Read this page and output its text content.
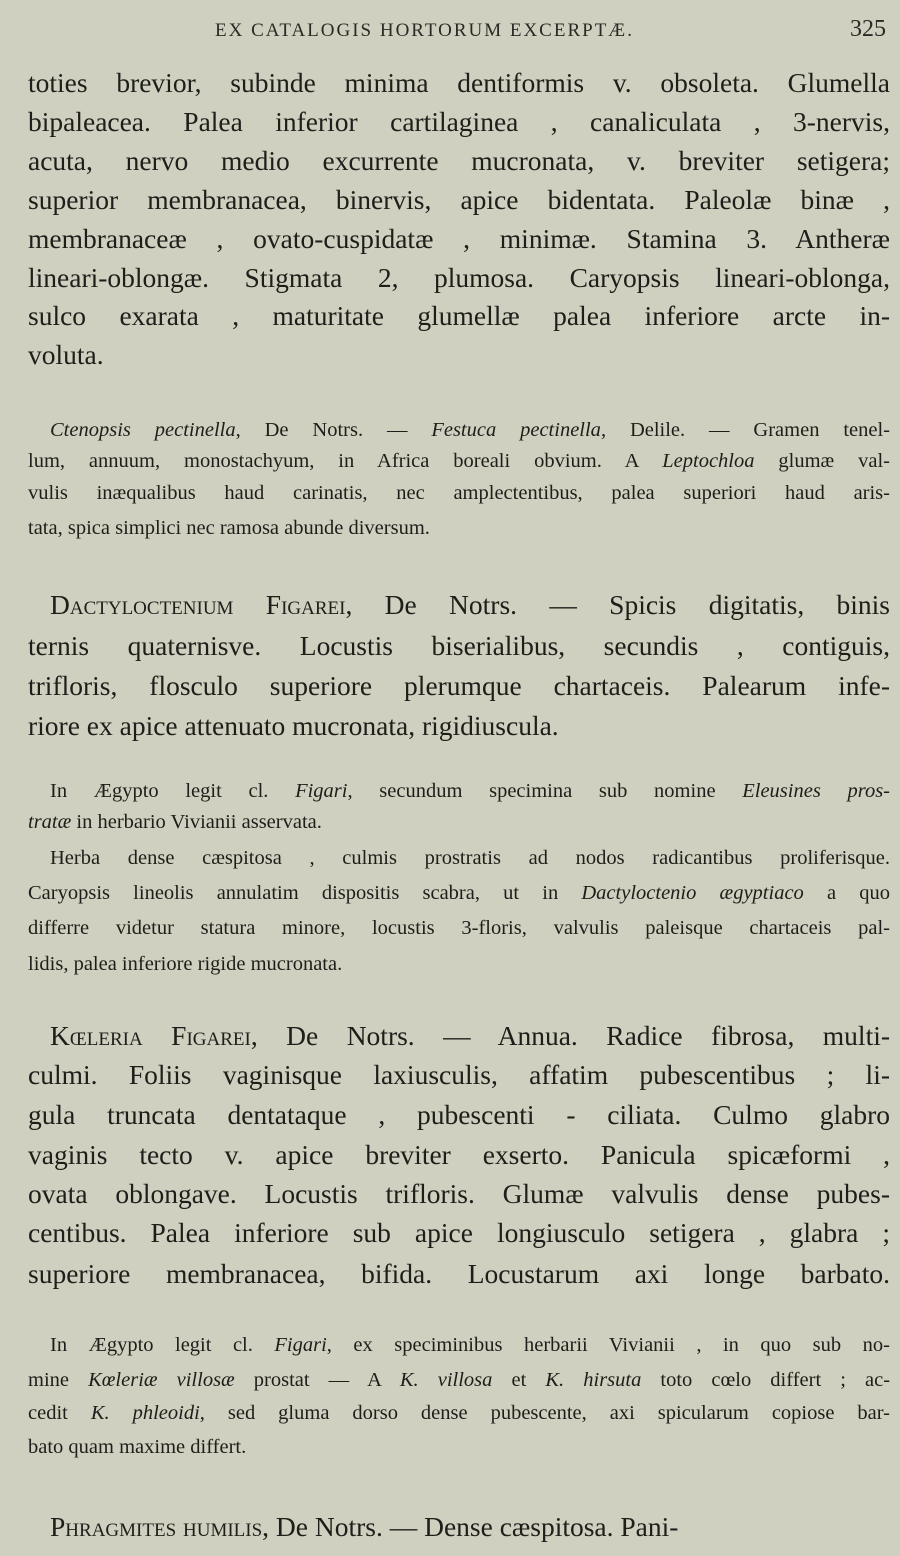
EX CATALOGIS HORTORUM EXCERPTÆ.	325
toties brevior, subinde minima dentiformis v. obsoleta. Glumella
bipaleacea. Palea inferior cartilaginea , canaliculata , 3-nervis,
acuta, nervo medio excurrente mucronata, v. breviter setigera;
superior membranacea, binervis, apice bidentata. Paleolæ binæ ,
membranaceæ , ovato-cuspidatæ , minimæ. Stamina 3. Antheræ
lineari-oblongæ. Stigmata 2, plumosa. Caryopsis lineari-oblonga,
sulco exarata , maturitate glumellæ palea inferiore arcte in-
voluta.
Ctenopsis pectinella, De Notrs. — Festuca pectinella, Delile. — Gramen tenel-
lum, annuum, monostachyum, in Africa boreali obvium. A Leptochloa glumæ val-
vulis inæqualibus haud carinatis, nec amplectentibus, palea superiori haud aris-
tata, spica simplici nec ramosa abunde diversum.
Dactyloctenium Figarei, De Notrs. — Spicis digitatis, binis
ternis quaternisve. Locustis biserialibus, secundis , contiguis,
trifloris, flosculo superiore plerumque chartaceis. Palearum infe-
riore ex apice attenuato mucronata, rigidiuscula.
In Ægypto legit cl. Figari, secundum specimina sub nomine Eleusines pros-
tratæ in herbario Vivianii asservata.
Herba dense cæspitosa , culmis prostratis ad nodos radicantibus proliferisque.
Caryopsis lineolis annulatim dispositis scabra, ut in Dactyloctenio ægyptiaco a quo
differre videtur statura minore, locustis 3-floris, valvulis paleisque chartaceis pal-
lidis, palea inferiore rigide mucronata.
Kœleria Figarei, De Notrs. — Annua. Radice fibrosa, multi-
culmi. Foliis vaginisque laxiusculis, affatim pubescentibus ; li-
gula truncata dentataque , pubescenti - ciliata. Culmo glabro
vaginis tecto v. apice breviter exserto. Panicula spicæformi ,
ovata oblongave. Locustis trifloris. Glumæ valvulis dense pubes-
centibus. Palea inferiore sub apice longiusculo setigera , glabra ;
superiore membranacea, bifida. Locustarum axi longe barbato.
In Ægypto legit cl. Figari, ex speciminibus herbarii Vivianii , in quo sub no-
mine Kœleriæ villosæ prostat — A K. villosa et K. hirsuta toto cœlo differt ; ac-
cedit K. phleoidi, sed gluma dorso dense pubescente, axi spicularum copiose bar-
bato quam maxime differt.
Phragmites humilis, De Notrs. — Dense cæspitosa. Pani-
